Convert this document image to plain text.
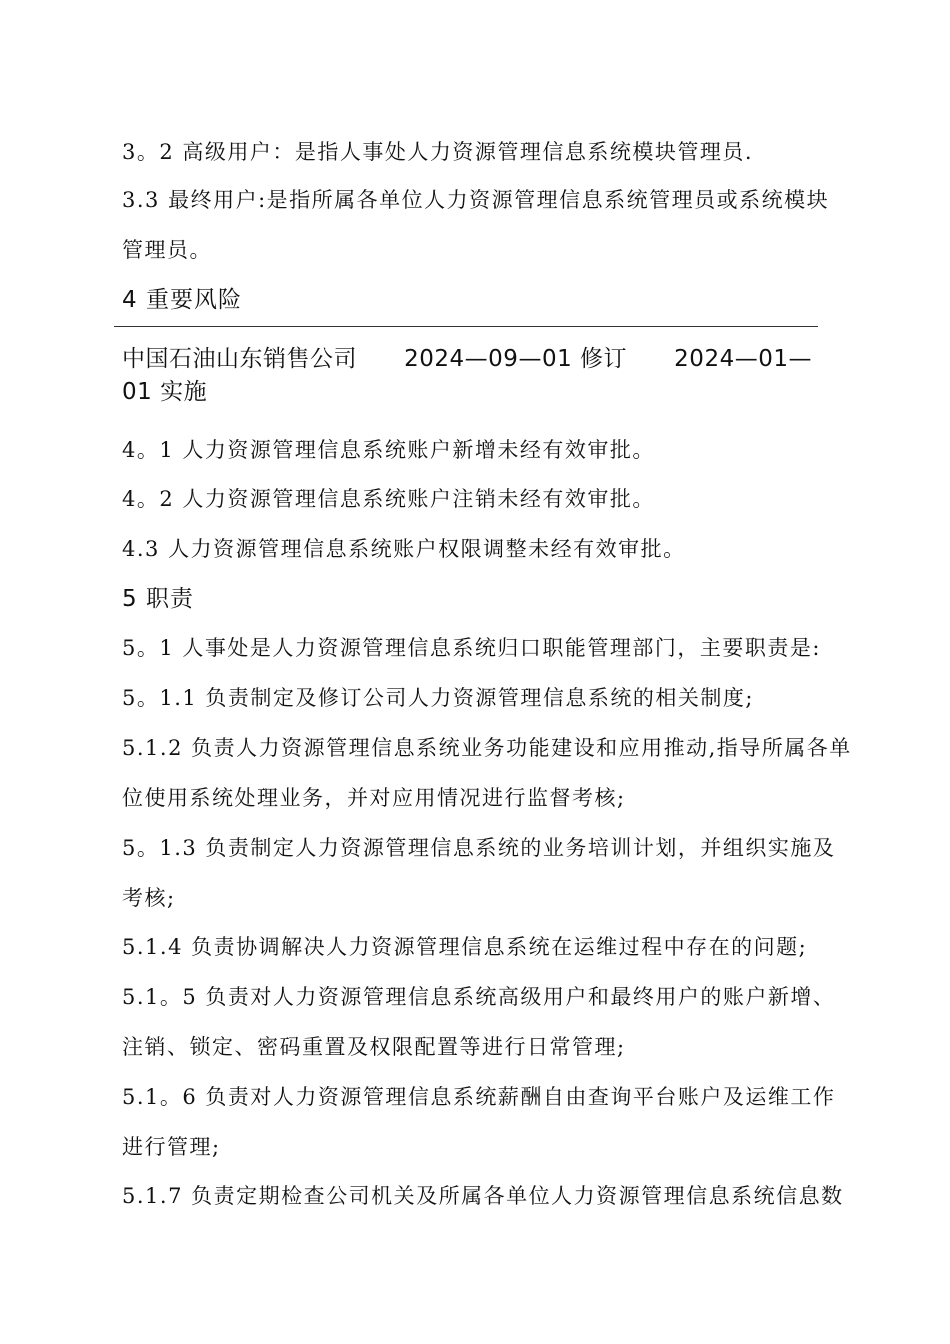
3。2 高级用户：是指人事处人力资源管理信息系统模块管理员.
3.3 最终用户:是指所属各单位人力资源管理信息系统管理员或系统模块
管理员。
4 重要风险
中国石油山东销售公司 2024—09—01 修订 2024—01—
01 实施
4。1 人力资源管理信息系统账户新增未经有效审批。
4。2 人力资源管理信息系统账户注销未经有效审批。
4.3 人力资源管理信息系统账户权限调整未经有效审批。
5 职责
5。1 人事处是人力资源管理信息系统归口职能管理部门，主要职责是:
5。1.1 负责制定及修订公司人力资源管理信息系统的相关制度;
5.1.2 负责人力资源管理信息系统业务功能建设和应用推动,指导所属各单
位使用系统处理业务，并对应用情况进行监督考核;
5。1.3 负责制定人力资源管理信息系统的业务培训计划，并组织实施及
考核;
5.1.4 负责协调解决人力资源管理信息系统在运维过程中存在的问题;
5.1。5 负责对人力资源管理信息系统高级用户和最终用户的账户新增、
注销、锁定、密码重置及权限配置等进行日常管理;
5.1。6 负责对人力资源管理信息系统薪酬自由查询平台账户及运维工作
进行管理;
5.1.7 负责定期检查公司机关及所属各单位人力资源管理信息系统信息数
